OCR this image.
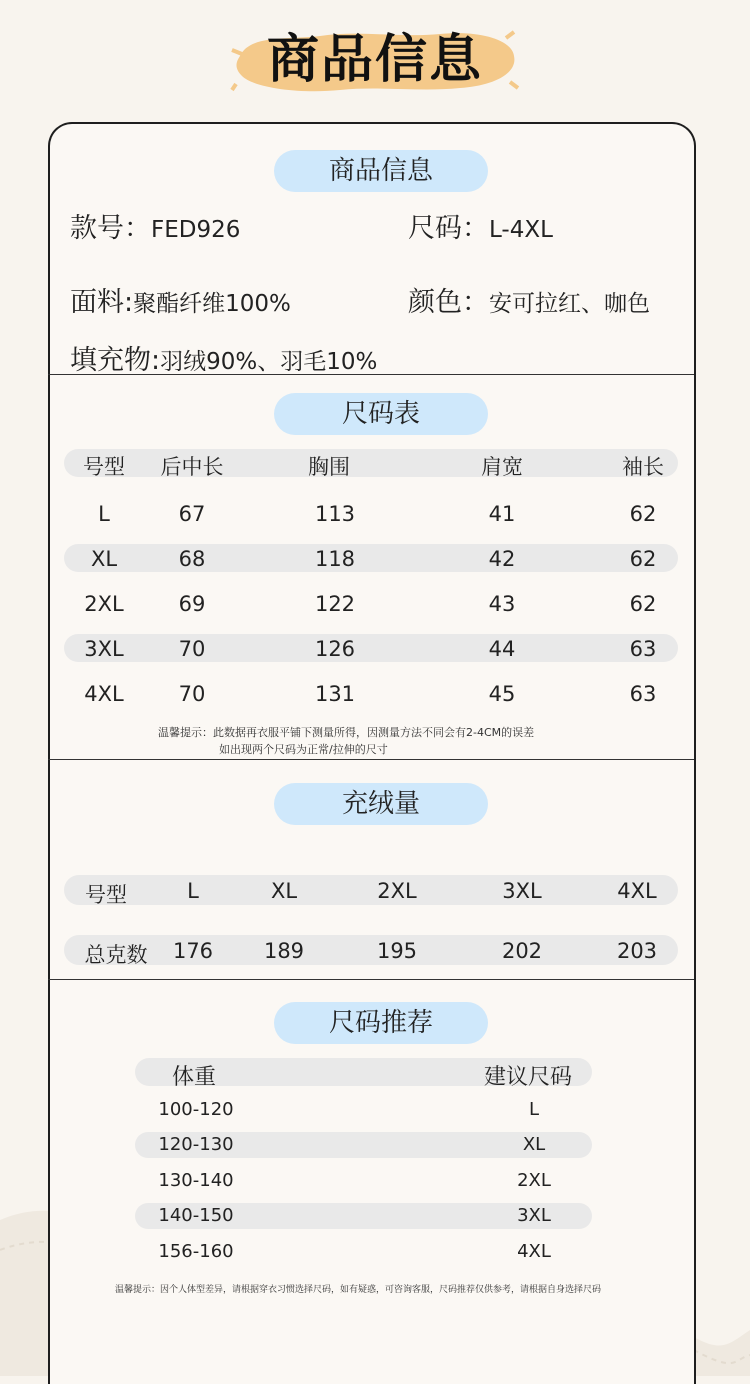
商品信息
商品信息
款号：FED926	尺码：L-4XL
面料:聚酯纤维100%	颜色：安可拉红、咖色
填充物:羽绒90%、羽毛10%
尺码表
号型	后中长	胸围	肩宽	袖长
L	67	113	41	62
XL	68	118	42	62
2XL	69	122	43	62
3XL	70	126	44	63
4XL	70	131	45	63
温馨提示：此数据再衣服平铺下测量所得，因测量方法不同会有2-4CM的误差
如出现两个尺码为正常/拉伸的尺寸
充绒量
号型	L	XL	2XL	3XL	4XL
总克数	176	189	195	202	203
尺码推荐
体重	建议尺码
100-120	L
120-130	XL
130-140	2XL
140-150	3XL
156-160	4XL
温馨提示：因个人体型差异，请根据穿衣习惯选择尺码，如有疑惑，可咨询客服，尺码推荐仅供参考，请根据自身选择尺码
